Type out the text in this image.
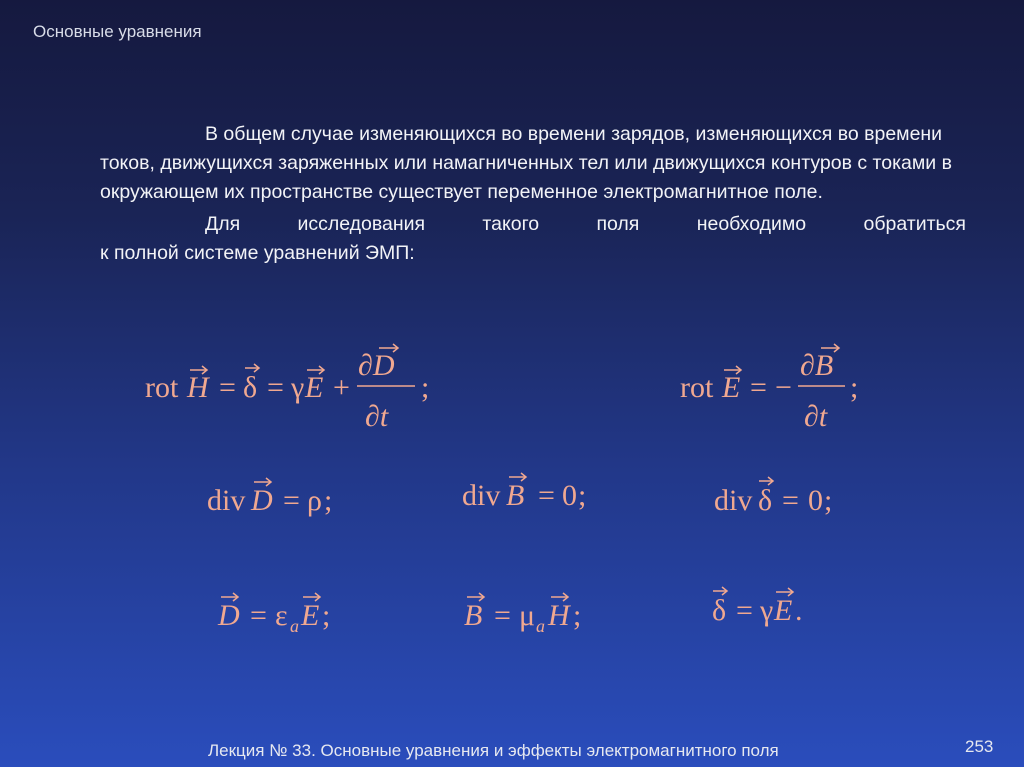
Основные уравнения

В общем случае изменяющихся во времени зарядов, изменяющихся во времени токов, движущихся заряженных или намагниченных тел или движущихся контуров с токами в окружающем их пространстве существует переменное электромагнитное поле.

Для исследования такого поля необходимо обратиться
к полной системе уравнений ЭМП:

rot H = δ = γ E +
∂D
∂t
;	rot E = −
∂B
∂t
;
div D = ρ ;	div B = 0 ;	div δ = 0 ;
D = ε a E ;	B = μ a H ;	δ = γ E .
Лекция № 33. Основные уравнения и эффекты электромагнитного поля	253
